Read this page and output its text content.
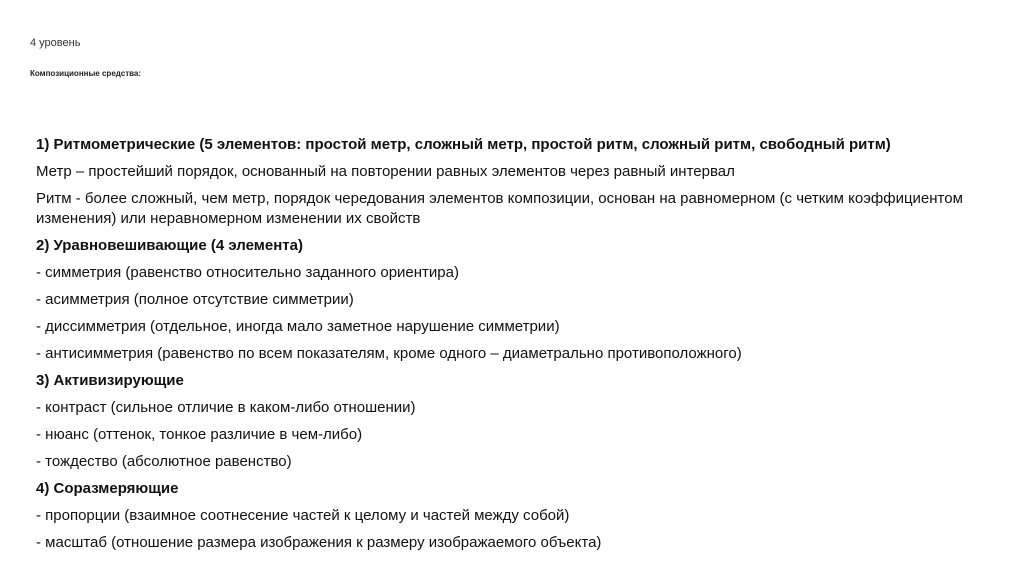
4 уровень
Композиционные средства:
1) Ритмометрические (5 элементов: простой метр, сложный метр, простой ритм, сложный ритм, свободный ритм)
Метр – простейший порядок, основанный на повторении равных элементов через равный интервал
Ритм - более сложный, чем метр, порядок чередования элементов композиции, основан на равномерном (с четким коэффициентом изменения) или неравномерном изменении их свойств
2) Уравновешивающие (4 элемента)
- симметрия (равенство относительно заданного ориентира)
- асимметрия (полное отсутствие симметрии)
- диссимметрия (отдельное, иногда мало заметное нарушение симметрии)
- антисимметрия (равенство по всем показателям, кроме одного – диаметрально противоположного)
3) Активизирующие
- контраст (сильное отличие в каком-либо отношении)
- нюанс (оттенок, тонкое различие в чем-либо)
- тождество (абсолютное равенство)
4) Соразмеряющие
- пропорции (взаимное соотнесение частей к целому и частей между собой)
- масштаб (отношение размера изображения к размеру изображаемого объекта)
